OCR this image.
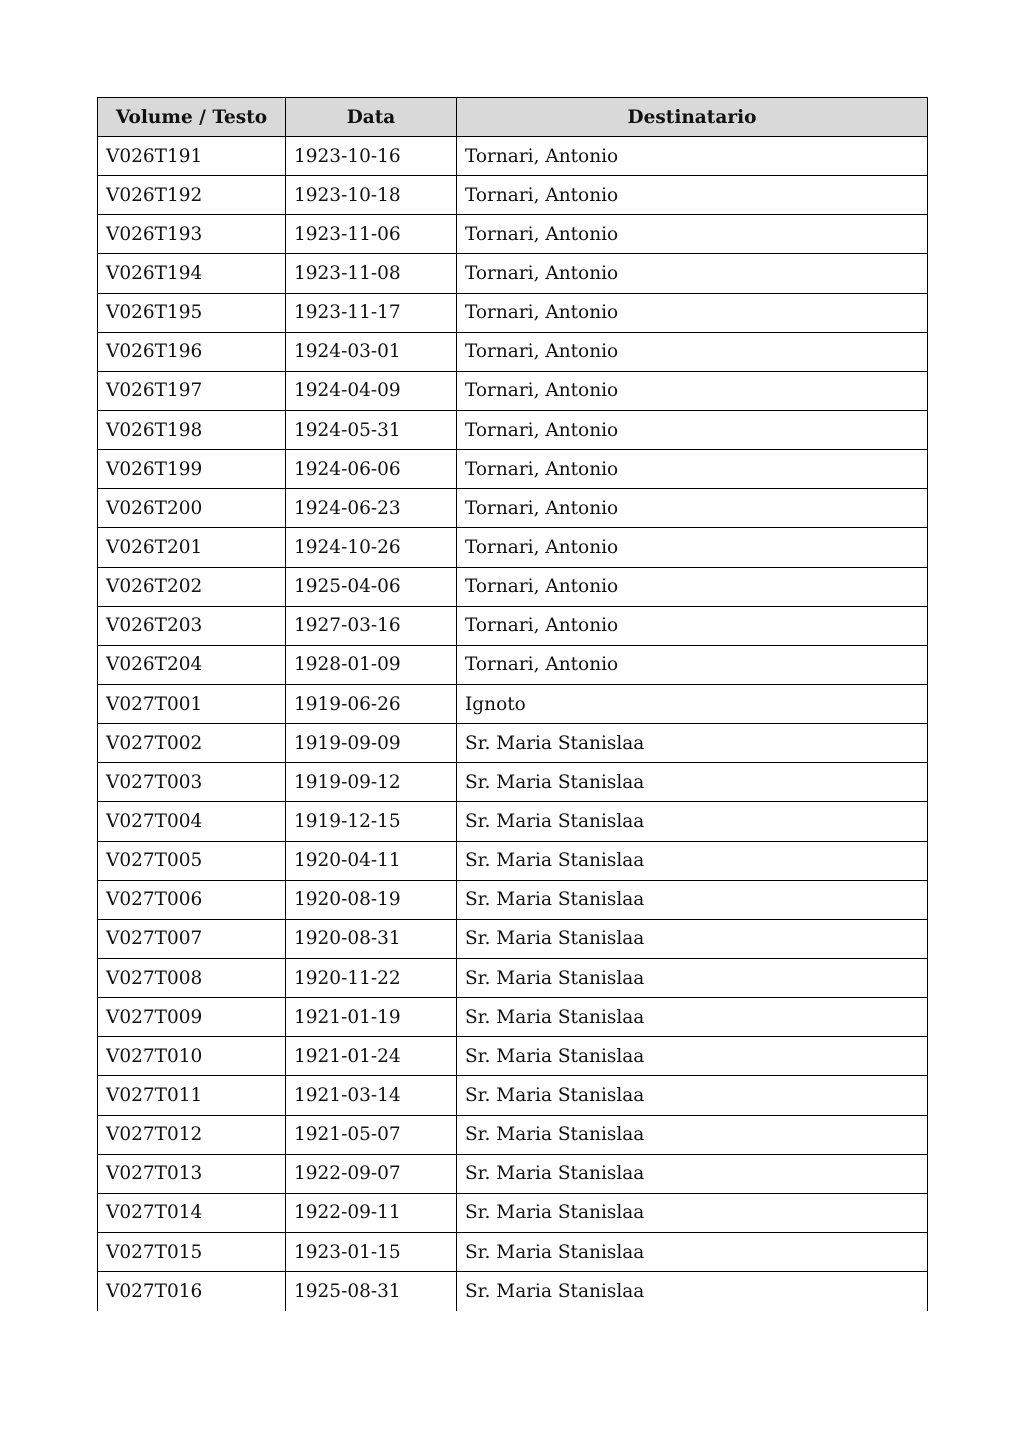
Volume / Testo	Data	Destinatario
V026T191	1923-10-16	Tornari, Antonio
V026T192	1923-10-18	Tornari, Antonio
V026T193	1923-11-06	Tornari, Antonio
V026T194	1923-11-08	Tornari, Antonio
V026T195	1923-11-17	Tornari, Antonio
V026T196	1924-03-01	Tornari, Antonio
V026T197	1924-04-09	Tornari, Antonio
V026T198	1924-05-31	Tornari, Antonio
V026T199	1924-06-06	Tornari, Antonio
V026T200	1924-06-23	Tornari, Antonio
V026T201	1924-10-26	Tornari, Antonio
V026T202	1925-04-06	Tornari, Antonio
V026T203	1927-03-16	Tornari, Antonio
V026T204	1928-01-09	Tornari, Antonio
V027T001	1919-06-26	Ignoto
V027T002	1919-09-09	Sr. Maria Stanislaa
V027T003	1919-09-12	Sr. Maria Stanislaa
V027T004	1919-12-15	Sr. Maria Stanislaa
V027T005	1920-04-11	Sr. Maria Stanislaa
V027T006	1920-08-19	Sr. Maria Stanislaa
V027T007	1920-08-31	Sr. Maria Stanislaa
V027T008	1920-11-22	Sr. Maria Stanislaa
V027T009	1921-01-19	Sr. Maria Stanislaa
V027T010	1921-01-24	Sr. Maria Stanislaa
V027T011	1921-03-14	Sr. Maria Stanislaa
V027T012	1921-05-07	Sr. Maria Stanislaa
V027T013	1922-09-07	Sr. Maria Stanislaa
V027T014	1922-09-11	Sr. Maria Stanislaa
V027T015	1923-01-15	Sr. Maria Stanislaa
V027T016	1925-08-31	Sr. Maria Stanislaa
